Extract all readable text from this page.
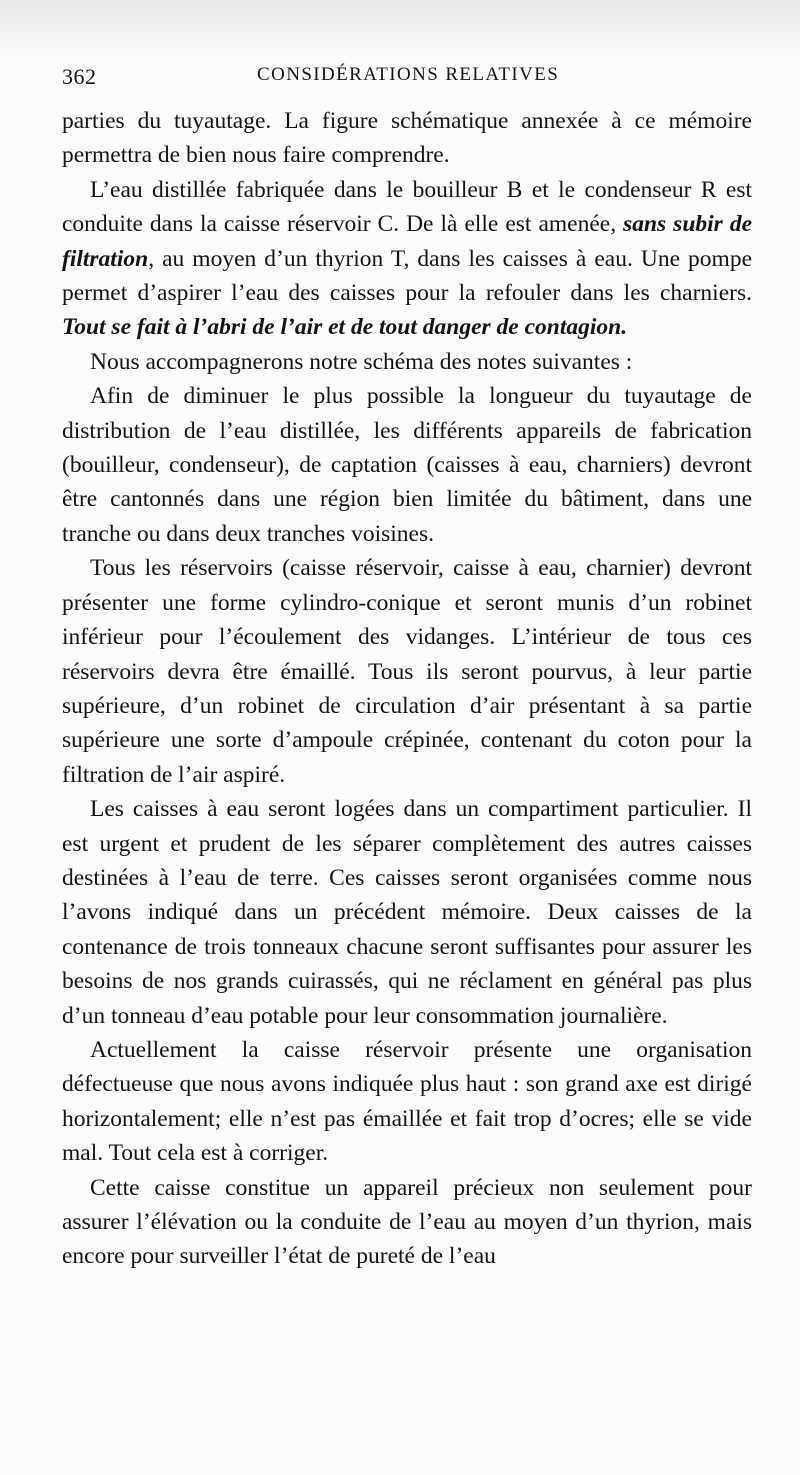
362	CONSIDÉRATIONS RELATIVES

parties du tuyautage. La figure schématique annexée à ce mémoire permettra de bien nous faire comprendre.

L’eau distillée fabriquée dans le bouilleur B et le condenseur R est conduite dans la caisse réservoir C. De là elle est amenée, sans subir de filtration, au moyen d’un thyrion T, dans les caisses à eau. Une pompe permet d’aspirer l’eau des caisses pour la refouler dans les charniers. Tout se fait à l’abri de l’air et de tout danger de contagion.

Nous accompagnerons notre schéma des notes suivantes :

Afin de diminuer le plus possible la longueur du tuyautage de distribution de l’eau distillée, les différents appareils de fabrication (bouilleur, condenseur), de captation (caisses à eau, charniers) devront être cantonnés dans une région bien limitée du bâtiment, dans une tranche ou dans deux tranches voisines.

Tous les réservoirs (caisse réservoir, caisse à eau, charnier) devront présenter une forme cylindro-conique et seront munis d’un robinet inférieur pour l’écoulement des vidanges. L’intérieur de tous ces réservoirs devra être émaillé. Tous ils seront pourvus, à leur partie supérieure, d’un robinet de circulation d’air présentant à sa partie supérieure une sorte d’ampoule crépinée, contenant du coton pour la filtration de l’air aspiré.

Les caisses à eau seront logées dans un compartiment particulier. Il est urgent et prudent de les séparer complètement des autres caisses destinées à l’eau de terre. Ces caisses seront organisées comme nous l’avons indiqué dans un précédent mémoire. Deux caisses de la contenance de trois tonneaux chacune seront suffisantes pour assurer les besoins de nos grands cuirassés, qui ne réclament en général pas plus d’un tonneau d’eau potable pour leur consommation journalière.

Actuellement la caisse réservoir présente une organisation défectueuse que nous avons indiquée plus haut : son grand axe est dirigé horizontalement; elle n’est pas émaillée et fait trop d’ocres; elle se vide mal. Tout cela est à corriger.

Cette caisse constitue un appareil précieux non seulement pour assurer l’élévation ou la conduite de l’eau au moyen d’un thyrion, mais encore pour surveiller l’état de pureté de l’eau
